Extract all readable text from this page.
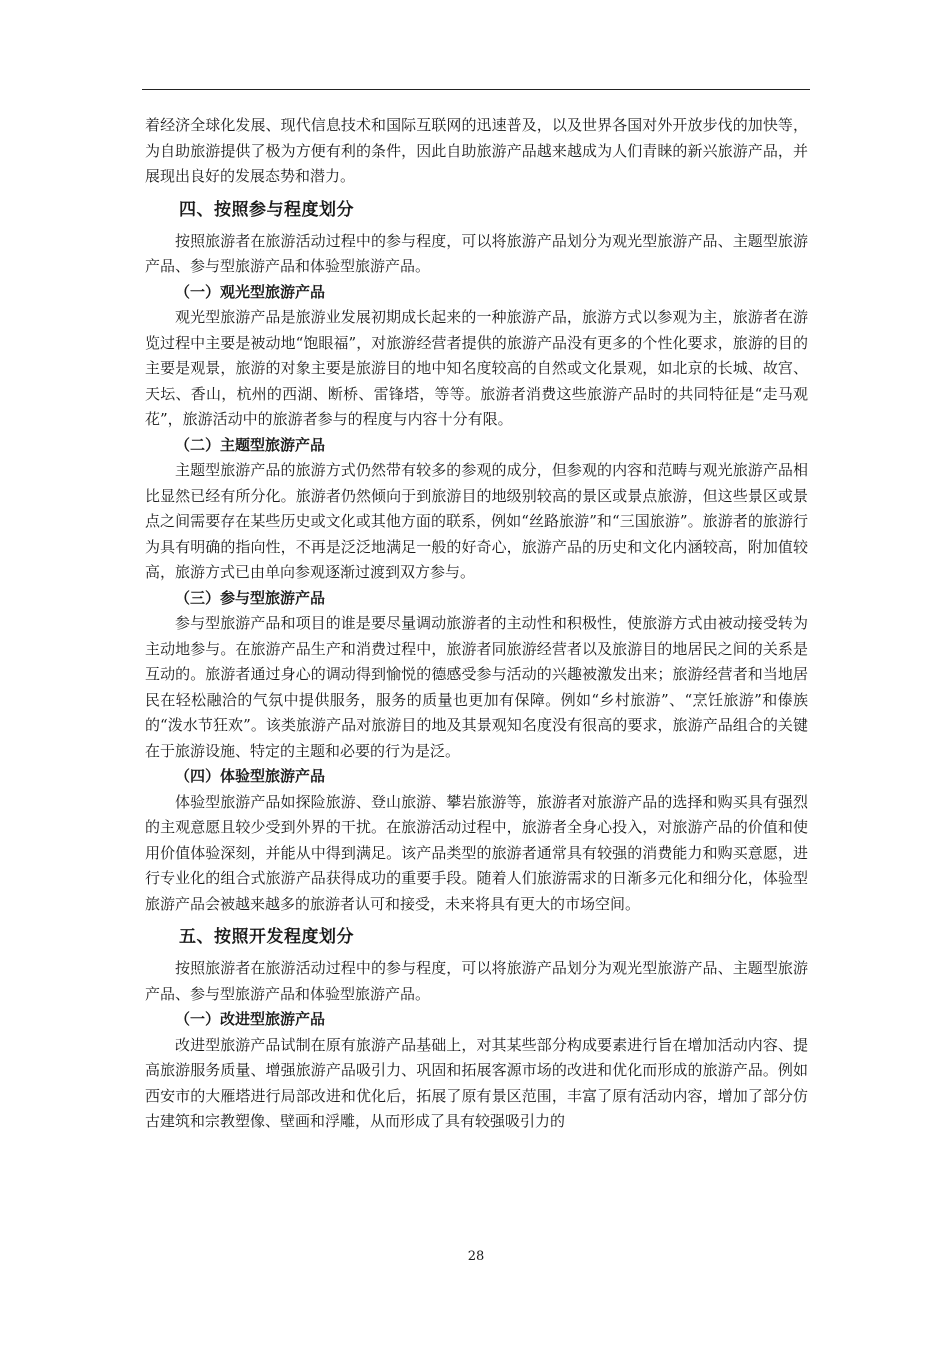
着经济全球化发展、现代信息技术和国际互联网的迅速普及，以及世界各国对外开放步伐的加快等，为自助旅游提供了极为方便有利的条件，因此自助旅游产品越来越成为人们青睐的新兴旅游产品，并展现出良好的发展态势和潜力。

四、按照参与程度划分

按照旅游者在旅游活动过程中的参与程度，可以将旅游产品划分为观光型旅游产品、主题型旅游产品、参与型旅游产品和体验型旅游产品。

（一）观光型旅游产品

观光型旅游产品是旅游业发展初期成长起来的一种旅游产品，旅游方式以参观为主，旅游者在游览过程中主要是被动地“饱眼福”，对旅游经营者提供的旅游产品没有更多的个性化要求，旅游的目的主要是观景，旅游的对象主要是旅游目的地中知名度较高的自然或文化景观，如北京的长城、故宫、天坛、香山，杭州的西湖、断桥、雷锋塔，等等。旅游者消费这些旅游产品时的共同特征是“走马观花”，旅游活动中的旅游者参与的程度与内容十分有限。

（二）主题型旅游产品

主题型旅游产品的旅游方式仍然带有较多的参观的成分，但参观的内容和范畴与观光旅游产品相比显然已经有所分化。旅游者仍然倾向于到旅游目的地级别较高的景区或景点旅游，但这些景区或景点之间需要存在某些历史或文化或其他方面的联系，例如“丝路旅游”和“三国旅游”。旅游者的旅游行为具有明确的指向性，不再是泛泛地满足一般的好奇心，旅游产品的历史和文化内涵较高，附加值较高，旅游方式已由单向参观逐渐过渡到双方参与。

（三）参与型旅游产品

参与型旅游产品和项目的谁是要尽量调动旅游者的主动性和积极性，使旅游方式由被动接受转为主动地参与。在旅游产品生产和消费过程中，旅游者同旅游经营者以及旅游目的地居民之间的关系是互动的。旅游者通过身心的调动得到愉悦的德感受参与活动的兴趣被激发出来；旅游经营者和当地居民在轻松融洽的气氛中提供服务，服务的质量也更加有保障。例如“乡村旅游”、“烹饪旅游”和傣族的“泼水节狂欢”。该类旅游产品对旅游目的地及其景观知名度没有很高的要求，旅游产品组合的关键在于旅游设施、特定的主题和必要的行为是泛。

（四）体验型旅游产品

体验型旅游产品如探险旅游、登山旅游、攀岩旅游等，旅游者对旅游产品的选择和购买具有强烈的主观意愿且较少受到外界的干扰。在旅游活动过程中，旅游者全身心投入，对旅游产品的价值和使用价值体验深刻，并能从中得到满足。该产品类型的旅游者通常具有较强的消费能力和购买意愿，进行专业化的组合式旅游产品获得成功的重要手段。随着人们旅游需求的日渐多元化和细分化，体验型旅游产品会被越来越多的旅游者认可和接受，未来将具有更大的市场空间。

五、按照开发程度划分

按照旅游者在旅游活动过程中的参与程度，可以将旅游产品划分为观光型旅游产品、主题型旅游产品、参与型旅游产品和体验型旅游产品。

（一）改进型旅游产品

改进型旅游产品试制在原有旅游产品基础上，对其某些部分构成要素进行旨在增加活动内容、提高旅游服务质量、增强旅游产品吸引力、巩固和拓展客源市场的改进和优化而形成的旅游产品。例如西安市的大雁塔进行局部改进和优化后，拓展了原有景区范围，丰富了原有活动内容，增加了部分仿古建筑和宗教塑像、壁画和浮雕，从而形成了具有较强吸引力的

28
